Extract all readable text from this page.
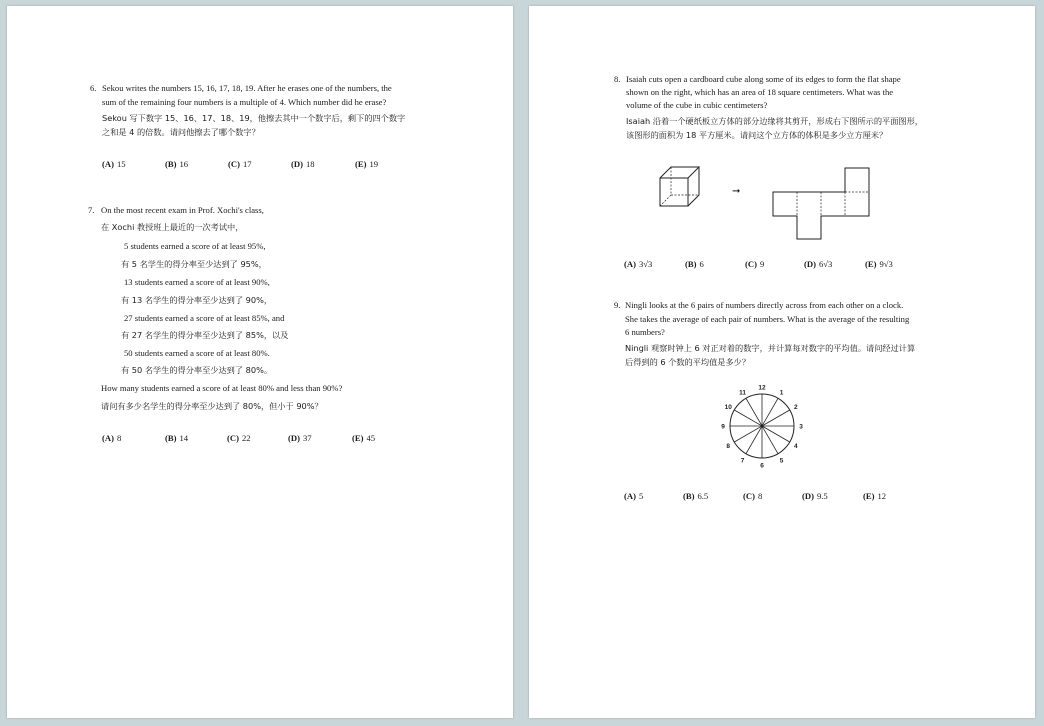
6. Sekou writes the numbers 15, 16, 17, 18, 19. After he erases one of the numbers, the
sum of the remaining four numbers is a multiple of 4. Which number did he erase?
Sekou 写下数字 15、16、17、18、19，他擦去其中一个数字后，剩下的四个数字
之和是 4 的倍数。请问他擦去了哪个数字？
(A) 15	(B) 16	(C) 17	(D) 18	(E) 19
7. On the most recent exam in Prof. Xochi's class,
在 Xochi 教授班上最近的一次考试中，
5 students earned a score of at least 95%,
有 5 名学生的得分率至少达到了 95%，
13 students earned a score of at least 90%,
有 13 名学生的得分率至少达到了 90%，
27 students earned a score of at least 85%, and
有 27 名学生的得分率至少达到了 85%，以及
50 students earned a score of at least 80%.
有 50 名学生的得分率至少达到了 80%。
How many students earned a score of at least 80% and less than 90%?
请问有多少名学生的得分率至少达到了 80%，但小于 90%？
(A) 8	(B) 14	(C) 22	(D) 37	(E) 45
8. Isaiah cuts open a cardboard cube along some of its edges to form the flat shape
shown on the right, which has an area of 18 square centimeters. What was the
volume of the cube in cubic centimeters?
Isaiah 沿着一个硬纸板立方体的部分边缘将其剪开，形成右下图所示的平面图形，
该图形的面积为 18 平方厘米。请问这个立方体的体积是多少立方厘米？
➞
(A) 3√3	(B) 6	(C) 9	(D) 6√3	(E) 9√3
9. Ningli looks at the 6 pairs of numbers directly across from each other on a clock.
She takes the average of each pair of numbers. What is the average of the resulting
6 numbers?
Ningli 观察时钟上 6 对正对着的数字，并计算每对数字的平均值。请问经过计算
后得到的 6 个数的平均值是多少？
12
1
2
3
4
5
6
7
8
9
10
11
(A) 5	(B) 6.5	(C) 8	(D) 9.5	(E) 12
